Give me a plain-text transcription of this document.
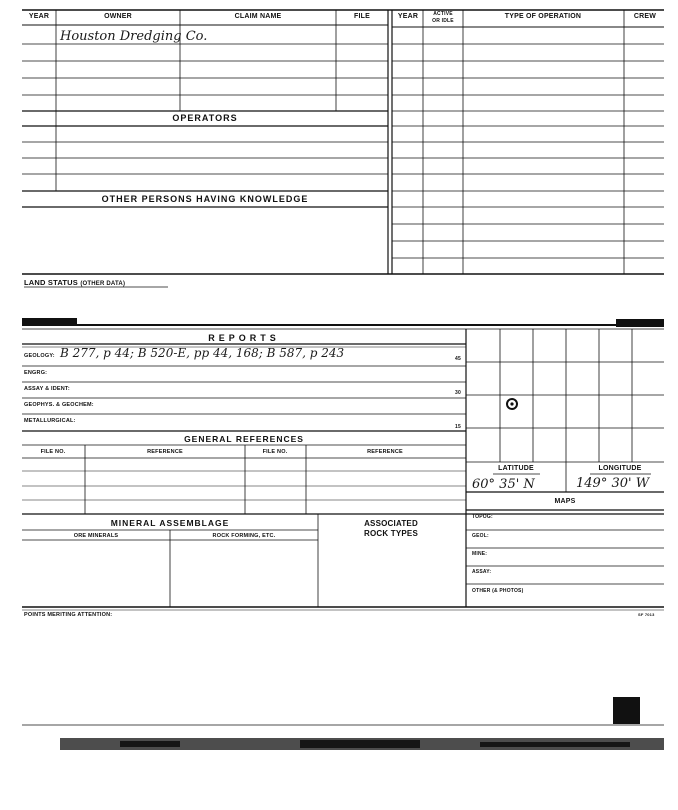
YEAR	OWNER	CLAIM NAME	FILE
Houston Dredging Co.
OPERATORS
OTHER PERSONS HAVING KNOWLEDGE
YEAR	ACTIVE
OR IDLE
TYPE OF OPERATION	CREW
LAND STATUS (OTHER DATA)
REPORTS
GEOLOGY: B 277, p 44; B 520-E, pp 44, 168; B 587, p 243	45
ENGRG:
ASSAY & IDENT:
30
GEOPHYS. & GEOCHEM:
METALLURGICAL:
15
GENERAL REFERENCES
FILE NO.	REFERENCE	FILE NO.	REFERENCE
LATITUDE	LONGITUDE
60° 35' N	149° 30' W
MAPS
TOPOG:
GEOL:
MINE:
ASSAY:
OTHER (& PHOTOS)
MINERAL ASSEMBLAGE
ORE MINERALS	ROCK FORMING, ETC.
ASSOCIATED
ROCK TYPES
POINTS MERITING ATTENTION:	SF 7013
